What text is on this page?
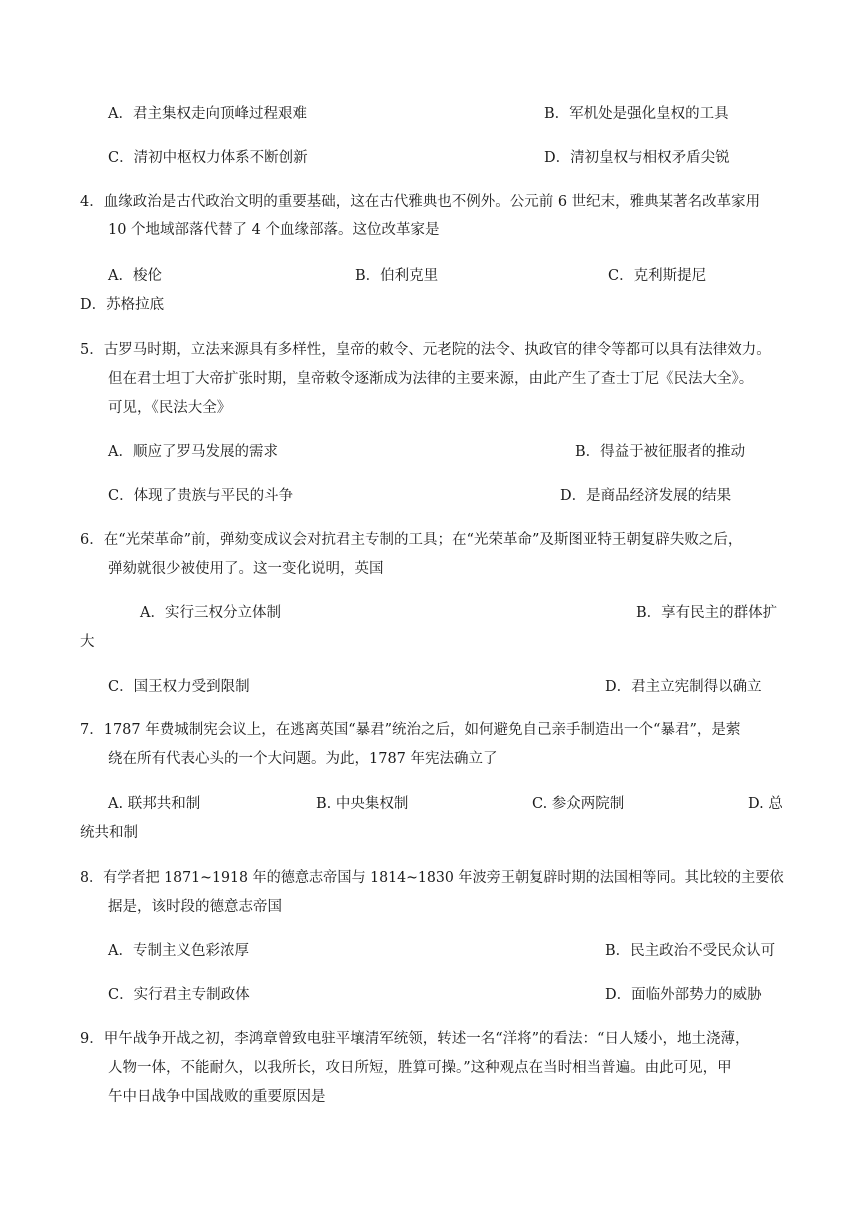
A．君主集权走向顶峰过程艰难	B．军机处是强化皇权的工具
C．清初中枢权力体系不断创新	D．清初皇权与相权矛盾尖锐
4．血缘政治是古代政治文明的重要基础，这在古代雅典也不例外。公元前 6 世纪末，雅典某著名改革家用
10 个地域部落代替了 4 个血缘部落。这位改革家是
A．梭伦	B．伯利克里	C．克利斯提尼
D．苏格拉底
5．古罗马时期，立法来源具有多样性，皇帝的敕令、元老院的法令、执政官的律令等都可以具有法律效力。
但在君士坦丁大帝扩张时期，皇帝敕令逐渐成为法律的主要来源，由此产生了查士丁尼《民法大全》。
可见，《民法大全》
A．顺应了罗马发展的需求	B．得益于被征服者的推动
C．体现了贵族与平民的斗争	D．是商品经济发展的结果
6．在“光荣革命”前，弹劾变成议会对抗君主专制的工具；在“光荣革命”及斯图亚特王朝复辟失败之后，
弹劾就很少被使用了。这一变化说明，英国
A．实行三权分立体制	B．享有民主的群体扩
大
C．国王权力受到限制	D．君主立宪制得以确立
7．1787 年费城制宪会议上，在逃离英国“暴君”统治之后，如何避免自己亲手制造出一个“暴君”，是萦
绕在所有代表心头的一个大问题。为此，1787 年宪法确立了
A. 联邦共和制	B. 中央集权制	C. 参众两院制	D. 总
统共和制
8．有学者把 1871~1918 年的德意志帝国与 1814~1830 年波旁王朝复辟时期的法国相等同。其比较的主要依
据是，该时段的德意志帝国
A．专制主义色彩浓厚	B．民主政治不受民众认可
C．实行君主专制政体	D．面临外部势力的威胁
9．甲午战争开战之初，李鸿章曾致电驻平壤清军统领，转述一名“洋将”的看法：“日人矮小，地土浇薄，
人物一体，不能耐久，以我所长，攻日所短，胜算可操。”这种观点在当时相当普遍。由此可见，甲
午中日战争中国战败的重要原因是
